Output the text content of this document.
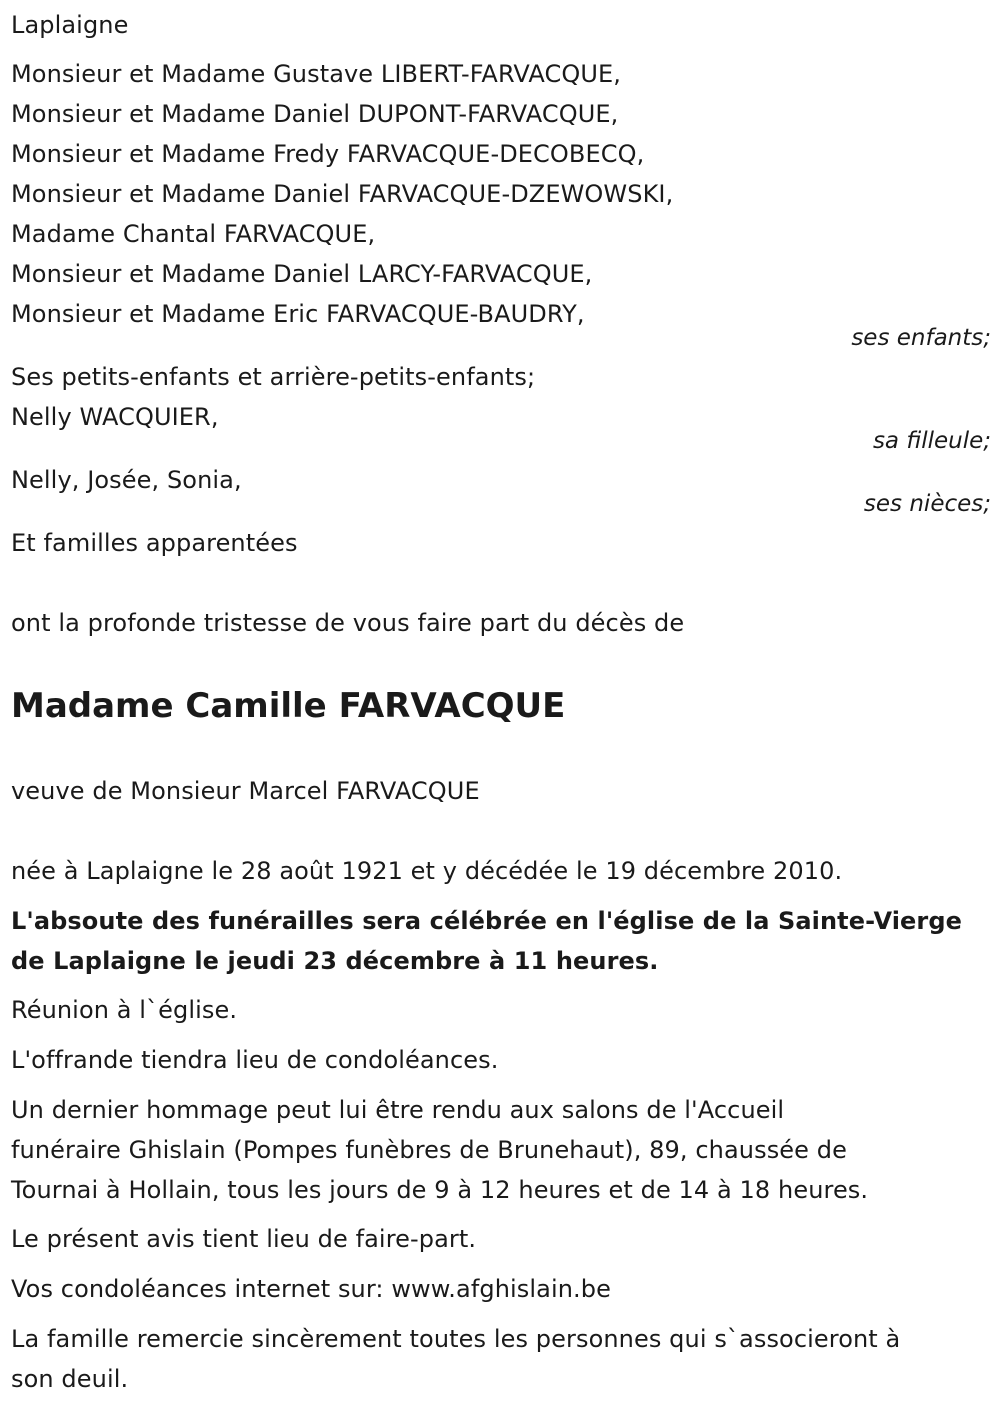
Laplaigne
Monsieur et Madame Gustave LIBERT-FARVACQUE,
Monsieur et Madame Daniel DUPONT-FARVACQUE,
Monsieur et Madame Fredy FARVACQUE-DECOBECQ,
Monsieur et Madame Daniel FARVACQUE-DZEWOWSKI,
Madame Chantal FARVACQUE,
Monsieur et Madame Daniel LARCY-FARVACQUE,
Monsieur et Madame Eric FARVACQUE-BAUDRY,
ses enfants;
Ses petits-enfants et arrière-petits-enfants;
Nelly WACQUIER,
sa filleule;
Nelly, Josée, Sonia,
ses nièces;
Et familles apparentées
ont la profonde tristesse de vous faire part du décès de
Madame Camille FARVACQUE
veuve de Monsieur Marcel FARVACQUE
née à Laplaigne le 28 août 1921 et y décédée le 19 décembre 2010.
L'absoute des funérailles sera célébrée en l'église de la Sainte-Vierge
de Laplaigne le jeudi 23 décembre à 11 heures.
Réunion à l`église.
L'offrande tiendra lieu de condoléances.
Un dernier hommage peut lui être rendu aux salons de l'Accueil
funéraire Ghislain (Pompes funèbres de Brunehaut), 89, chaussée de
Tournai à Hollain, tous les jours de 9 à 12 heures et de 14 à 18 heures.
Le présent avis tient lieu de faire-part.
Vos condoléances internet sur: www.afghislain.be
La famille remercie sincèrement toutes les personnes qui s`associeront à
son deuil.
